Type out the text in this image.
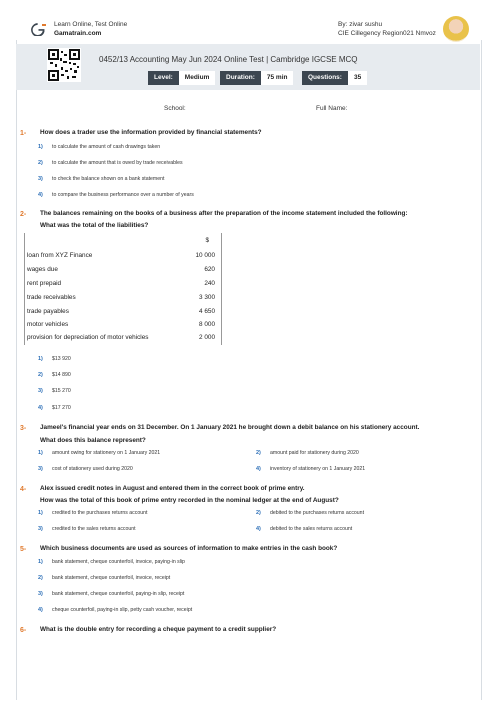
Learn Online, Test Online
Gamatrain.com
By: zivar sushu
CIE Cillegency Region021 Nmvoz
0452/13 Accounting May Jun 2024 Online Test | Cambridge IGCSE MCQ
Level: Medium	Duration: 75 min	Questions: 35
School:	Full Name:
1- How does a trader use the information provided by financial statements?
1) to calculate the amount of cash drawings taken
2) to calculate the amount that is owed by trade receivables
3) to check the balance shown on a bank statement
4) to compare the business performance over a number of years
2- The balances remaining on the books of a business after the preparation of the income statement included the following:
What was the total of the liabilities?
$
loan from XYZ Finance	10 000
wages due	620
rent prepaid	240
trade receivables	3 300
trade payables	4 650
motor vehicles	8 000
provision for depreciation of motor vehicles	2 000
1) $13 920
2) $14 890
3) $15 270
4) $17 270
3- Jameel's financial year ends on 31 December. On 1 January 2021 he brought down a debit balance on his stationery account.
What does this balance represent?
1) amount owing for stationery on 1 January 2021	2) amount paid for stationery during 2020
3) cost of stationery used during 2020	4) inventory of stationery on 1 January 2021
4- Alex issued credit notes in August and entered them in the correct book of prime entry.
How was the total of this book of prime entry recorded in the nominal ledger at the end of August?
1) credited to the purchases returns account	2) debited to the purchases returns account
3) credited to the sales returns account	4) debited to the sales returns account
5- Which business documents are used as sources of information to make entries in the cash book?
1) bank statement, cheque counterfoil, invoice, paying-in slip
2) bank statement, cheque counterfoil, invoice, receipt
3) bank statement, cheque counterfoil, paying-in slip, receipt
4) cheque counterfoil, paying-in slip, petty cash voucher, receipt
6- What is the double entry for recording a cheque payment to a credit supplier?
